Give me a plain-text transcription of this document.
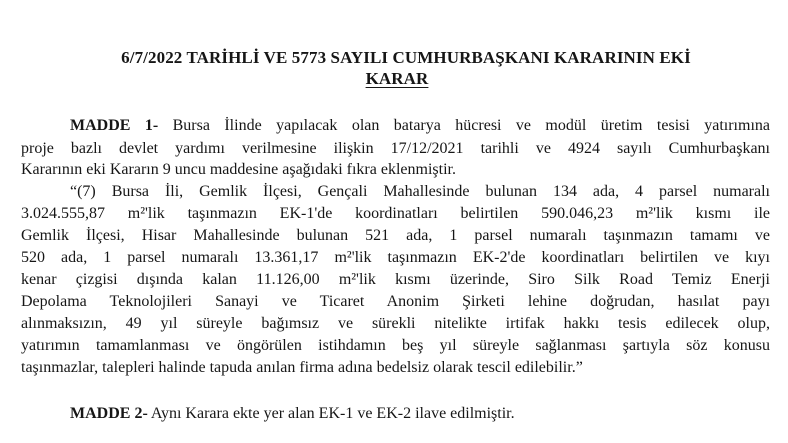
6/7/2022 TARİHLİ VE 5773 SAYILI CUMHURBAŞKANI KARARININ EKİ
KARAR
MADDE 1- Bursa İlinde yapılacak olan batarya hücresi ve modül üretim tesisi yatırımına
proje bazlı devlet yardımı verilmesine ilişkin 17/12/2021 tarihli ve 4924 sayılı Cumhurbaşkanı
Kararının eki Kararın 9 uncu maddesine aşağıdaki fıkra eklenmiştir.
“(7) Bursa İli, Gemlik İlçesi, Gençali Mahallesinde bulunan 134 ada, 4 parsel numaralı
3.024.555,87 m²'lik taşınmazın EK-1'de koordinatları belirtilen 590.046,23 m²'lik kısmı ile
Gemlik İlçesi, Hisar Mahallesinde bulunan 521 ada, 1 parsel numaralı taşınmazın tamamı ve
520 ada, 1 parsel numaralı 13.361,17 m²'lik taşınmazın EK-2'de koordinatları belirtilen ve kıyı
kenar çizgisi dışında kalan 11.126,00 m²'lik kısmı üzerinde, Siro Silk Road Temiz Enerji
Depolama Teknolojileri Sanayi ve Ticaret Anonim Şirketi lehine doğrudan, hasılat payı
alınmaksızın, 49 yıl süreyle bağımsız ve sürekli nitelikte irtifak hakkı tesis edilecek olup,
yatırımın tamamlanması ve öngörülen istihdamın beş yıl süreyle sağlanması şartıyla söz konusu
taşınmazlar, talepleri halinde tapuda anılan firma adına bedelsiz olarak tescil edilebilir.”
MADDE 2- Aynı Karara ekte yer alan EK-1 ve EK-2 ilave edilmiştir.
